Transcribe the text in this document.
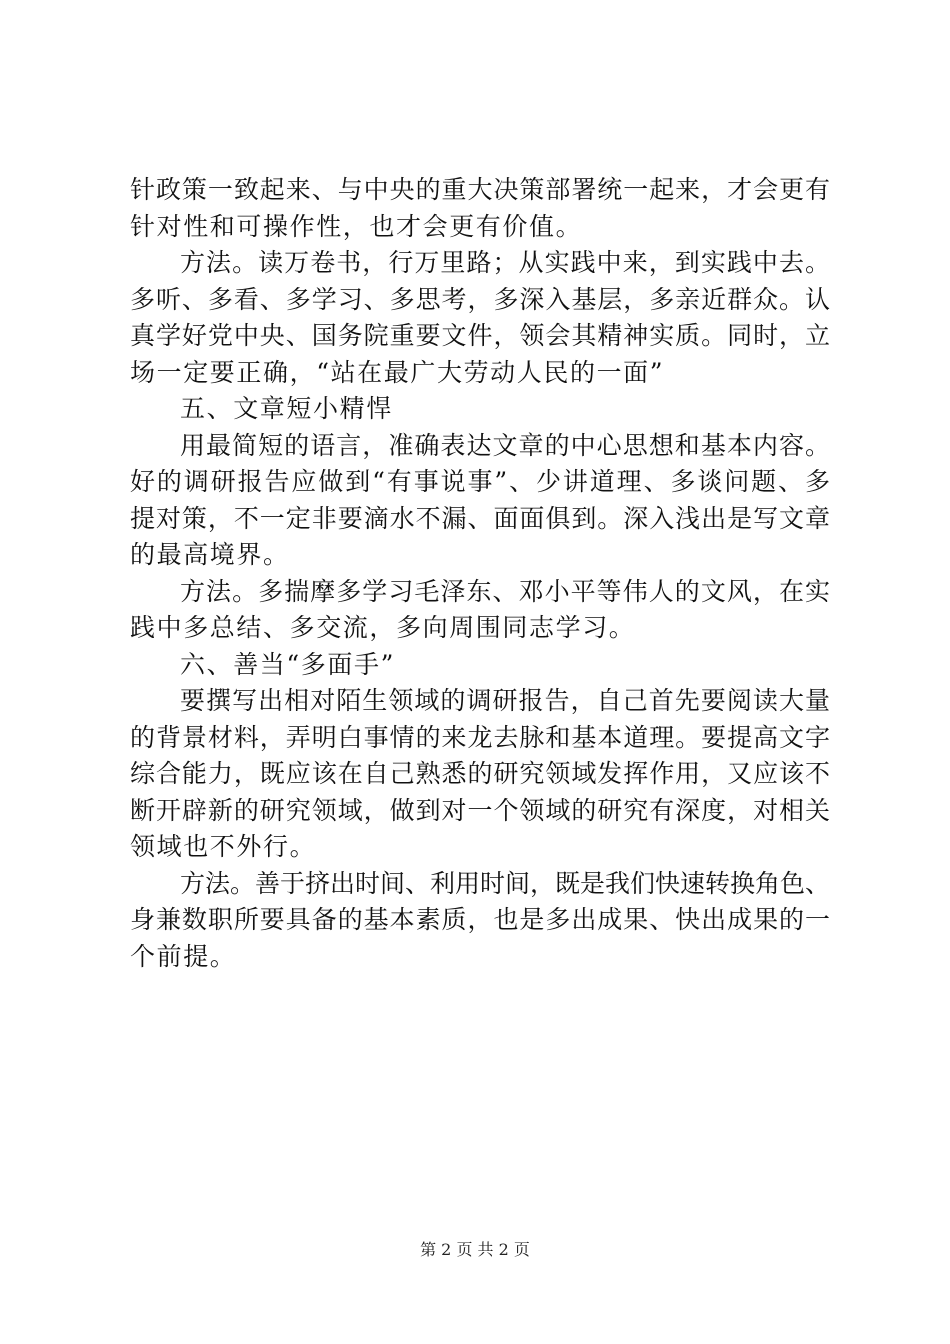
针政策一致起来、与中央的重大决策部署统一起来，才会更有
针对性和可操作性，也才会更有价值。
方法。读万卷书，行万里路；从实践中来，到实践中去。
多听、多看、多学习、多思考，多深入基层，多亲近群众。认
真学好党中央、国务院重要文件，领会其精神实质。同时，立
场一定要正确，“站在最广大劳动人民的一面”
五、文章短小精悍
用最简短的语言，准确表达文章的中心思想和基本内容。
好的调研报告应做到“有事说事”、少讲道理、多谈问题、多
提对策，不一定非要滴水不漏、面面俱到。深入浅出是写文章
的最高境界。
方法。多揣摩多学习毛泽东、邓小平等伟人的文风，在实
践中多总结、多交流，多向周围同志学习。
六、善当“多面手”
要撰写出相对陌生领域的调研报告，自己首先要阅读大量
的背景材料，弄明白事情的来龙去脉和基本道理。要提高文字
综合能力，既应该在自己熟悉的研究领域发挥作用，又应该不
断开辟新的研究领域，做到对一个领域的研究有深度，对相关
领域也不外行。
方法。善于挤出时间、利用时间，既是我们快速转换角色、
身兼数职所要具备的基本素质，也是多出成果、快出成果的一
个前提。
第 2 页 共 2 页
